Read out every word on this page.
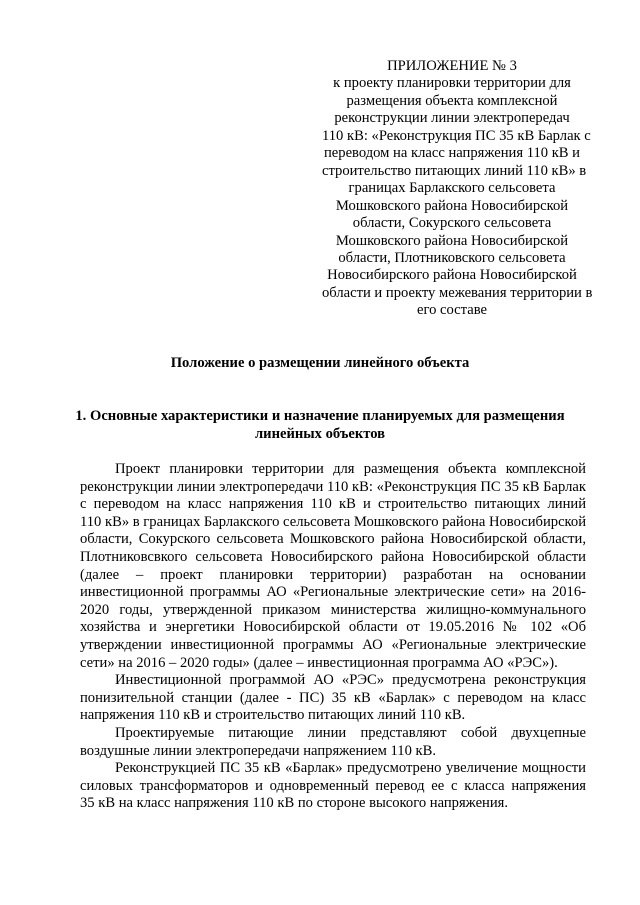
ПРИЛОЖЕНИЕ № 3
к проекту планировки территории для
размещения объекта комплексной
реконструкции линии электропередач
110 кВ: «Реконструкция ПС 35 кВ Барлак с
переводом на класс напряжения 110 кВ и
строительство питающих линий 110 кВ» в
границах Барлакского сельсовета
Мошковского района Новосибирской
области, Сокурского сельсовета
Мошковского района Новосибирской
области, Плотниковского сельсовета
Новосибирского района Новосибирской
области и проекту межевания территории в
его составе
Положение о размещении линейного объекта
1. Основные характеристики и назначение планируемых для размещения
линейных объектов
Проект планировки территории для размещения объекта комплексной
реконструкции линии электропередачи 110 кВ: «Реконструкция ПС 35 кВ Барлак
с переводом на класс напряжения 110 кВ и строительство питающих линий
110 кВ» в границах Барлакского сельсовета Мошковского района Новосибирской
области, Сокурского сельсовета Мошковского района Новосибирской области,
Плотниковсвкого сельсовета Новосибирского района Новосибирской области
(далее – проект планировки территории) разработан на основании
инвестиционной программы АО «Региональные электрические сети» на 2016-
2020 годы, утвержденной приказом министерства жилищно-коммунального
хозяйства и энергетики Новосибирской области от 19.05.2016 № 102 «Об
утверждении инвестиционной программы АО «Региональные электрические
сети» на 2016 – 2020 годы» (далее – инвестиционная программа АО «РЭС»).
Инвестиционной программой АО «РЭС» предусмотрена реконструкция
понизительной станции (далее - ПС) 35 кВ «Барлак» с переводом на класс
напряжения 110 кВ и строительство питающих линий 110 кВ.
Проектируемые питающие линии представляют собой двухцепные
воздушные линии электропередачи напряжением 110 кВ.
Реконструкцией ПС 35 кВ «Барлак» предусмотрено увеличение мощности
силовых трансформаторов и одновременный перевод ее с класса напряжения
35 кВ на класс напряжения 110 кВ по стороне высокого напряжения.
